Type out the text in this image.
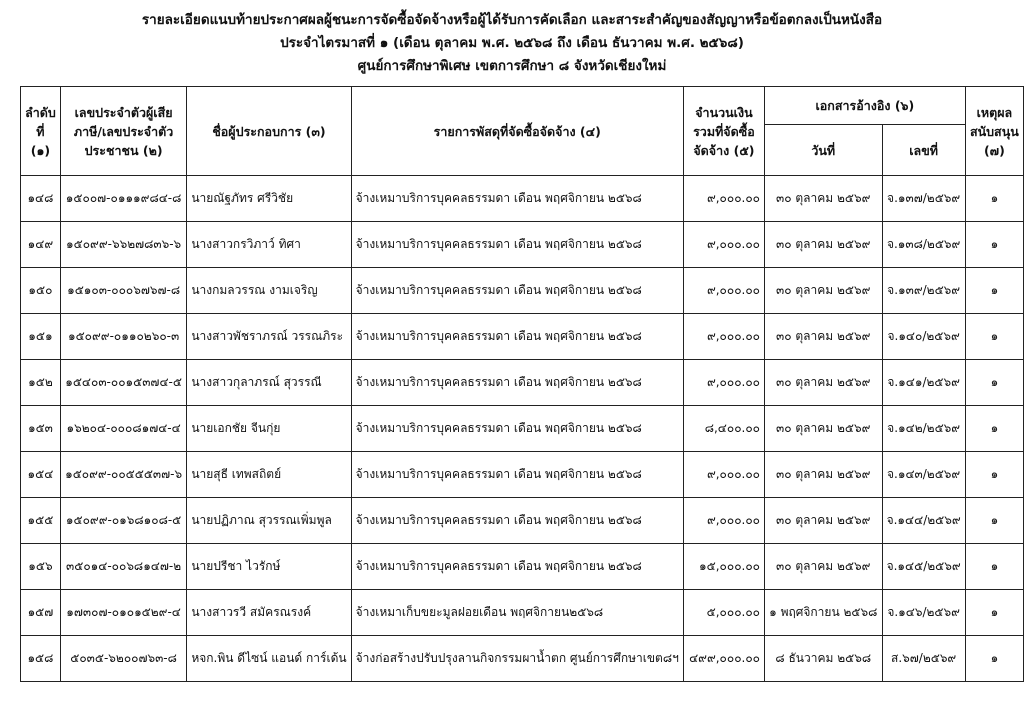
รายละเอียดแนบท้ายประกาศผลผู้ชนะการจัดซื้อจัดจ้างหรือผู้ได้รับการคัดเลือก และสาระสำคัญของสัญญาหรือข้อตกลงเป็นหนังสือ
ประจำไตรมาสที่ ๑ (เดือน ตุลาคม พ.ศ. ๒๕๖๘ ถึง เดือน ธันวาคม พ.ศ. ๒๕๖๘)
ศูนย์การศึกษาพิเศษ เขตการศึกษา ๘ จังหวัดเชียงใหม่
ลำดับที่ (๑)	เลขประจำตัวผู้เสียภาษี/เลขประจำตัวประชาชน (๒)	ชื่อผู้ประกอบการ (๓)	รายการพัสดุที่จัดซื้อจัดจ้าง (๔)	จำนวนเงินรวมที่จัดซื้อจัดจ้าง (๕)	เอกสารอ้างอิง (๖)		เหตุผลสนับสนุน (๗)
					วันที่	เลขที่	
๑๔๘	๑๕๐๐๗-๐๑๑๑๙๘๔-๘	นายณัฐภัทร ศรีวิชัย	จ้างเหมาบริการบุคคลธรรมดา เดือน พฤศจิกายน ๒๕๖๘	๙,๐๐๐.๐๐	๓๐ ตุลาคม ๒๕๖๙	จ.๑๓๗/๒๕๖๙	๑
๑๔๙	๑๕๐๙๙-๖๖๒๗๘๓๖-๖	นางสาวกรวิภาว์ ทิศา	จ้างเหมาบริการบุคคลธรรมดา เดือน พฤศจิกายน ๒๕๖๘	๙,๐๐๐.๐๐	๓๐ ตุลาคม ๒๕๖๙	จ.๑๓๘/๒๕๖๙	๑
๑๕๐	๑๕๑๐๓-๐๐๐๖๗๖๗-๘	นางกมลวรรณ งามเจริญ	จ้างเหมาบริการบุคคลธรรมดา เดือน พฤศจิกายน ๒๕๖๘	๙,๐๐๐.๐๐	๓๐ ตุลาคม ๒๕๖๙	จ.๑๓๙/๒๕๖๙	๑
๑๕๑	๑๕๐๙๙-๐๑๑๐๒๖๐-๓	นางสาวพัชราภรณ์ วรรณภิระ	จ้างเหมาบริการบุคคลธรรมดา เดือน พฤศจิกายน ๒๕๖๘	๙,๐๐๐.๐๐	๓๐ ตุลาคม ๒๕๖๙	จ.๑๔๐/๒๕๖๙	๑
๑๕๒	๑๕๔๐๓-๐๐๑๕๓๗๔-๕	นางสาวกุลาภรณ์ สุวรรณี	จ้างเหมาบริการบุคคลธรรมดา เดือน พฤศจิกายน ๒๕๖๘	๙,๐๐๐.๐๐	๓๐ ตุลาคม ๒๕๖๙	จ.๑๔๑/๒๕๖๙	๑
๑๕๓	๑๖๒๐๔-๐๐๐๘๑๗๔-๔	นายเอกชัย จีนกุ่ย	จ้างเหมาบริการบุคคลธรรมดา เดือน พฤศจิกายน ๒๕๖๘	๘,๔๐๐.๐๐	๓๐ ตุลาคม ๒๕๖๙	จ.๑๔๒/๒๕๖๙	๑
๑๕๔	๑๕๐๙๙-๐๐๕๕๕๓๗-๖	นายสุธี เทพสถิตย์	จ้างเหมาบริการบุคคลธรรมดา เดือน พฤศจิกายน ๒๕๖๘	๙,๐๐๐.๐๐	๓๐ ตุลาคม ๒๕๖๙	จ.๑๔๓/๒๕๖๙	๑
๑๕๕	๑๕๐๙๙-๐๑๖๘๑๐๘-๕	นายปฏิภาณ สุวรรณเพิ่มพูล	จ้างเหมาบริการบุคคลธรรมดา เดือน พฤศจิกายน ๒๕๖๘	๙,๐๐๐.๐๐	๓๐ ตุลาคม ๒๕๖๙	จ.๑๔๔/๒๕๖๙	๑
๑๕๖	๓๕๐๑๔-๐๐๖๘๑๔๗-๒	นายปรีชา ไวรักษ์	จ้างเหมาบริการบุคคลธรรมดา เดือน พฤศจิกายน ๒๕๖๘	๑๕,๐๐๐.๐๐	๓๐ ตุลาคม ๒๕๖๙	จ.๑๔๕/๒๕๖๙	๑
๑๕๗	๑๗๓๐๗-๐๑๐๑๕๒๙-๔	นางสาวรวี สมัครณรงค์	จ้างเหมาเก็บขยะมูลฝอยเดือน พฤศจิกายน๒๕๖๘	๕,๐๐๐.๐๐	๑ พฤศจิกายน ๒๕๖๘	จ.๑๔๖/๒๕๖๙	๑
๑๕๘	๕๐๓๕-๖๒๐๐๗๖๓-๘	หจก.พิน ดีไซน์ แอนด์ การ์เด้น	จ้างก่อสร้างปรับปรุงลานกิจกรรมผาน้ำตก ศูนย์การศึกษาเขต๘ฯ	๔๙๙,๐๐๐.๐๐	๘ ธันวาคม ๒๕๖๘	ส.๖๗/๒๕๖๙	๑
